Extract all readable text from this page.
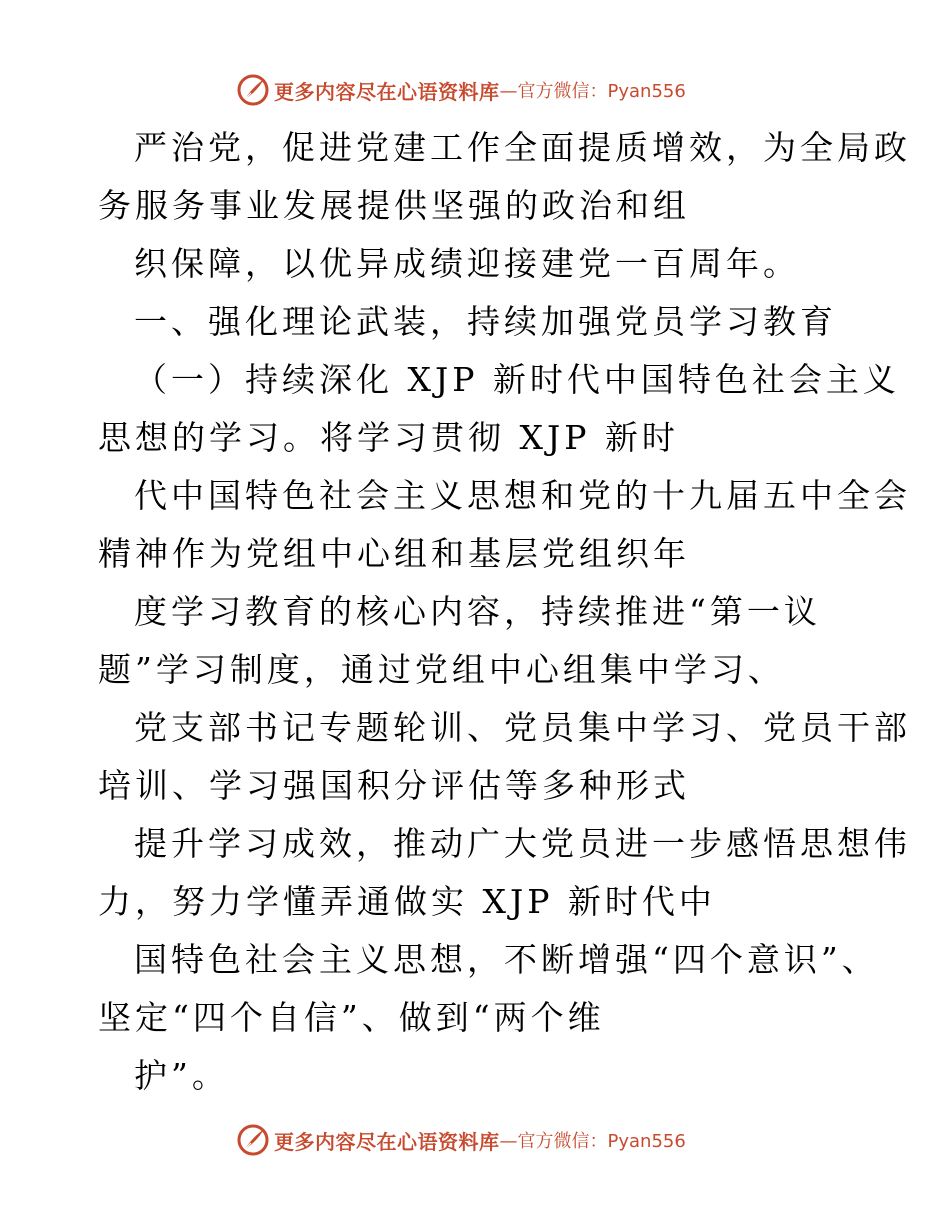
更多内容尽在心语资料库 —官方微信：Pyan556
严治党，促进党建工作全面提质增效，为全局政
务服务事业发展提供坚强的政治和组
织保障，以优异成绩迎接建党一百周年。
一、强化理论武装，持续加强党员学习教育
（一）持续深化 XJP 新时代中国特色社会主义
思想的学习。将学习贯彻 XJP 新时
代中国特色社会主义思想和党的十九届五中全会
精神作为党组中心组和基层党组织年
度学习教育的核心内容，持续推进“第一议
题”学习制度，通过党组中心组集中学习、
党支部书记专题轮训、党员集中学习、党员干部
培训、学习强国积分评估等多种形式
提升学习成效，推动广大党员进一步感悟思想伟
力，努力学懂弄通做实 XJP 新时代中
国特色社会主义思想，不断增强“四个意识”、
坚定“四个自信”、做到“两个维
护”。
更多内容尽在心语资料库 —官方微信：Pyan556
